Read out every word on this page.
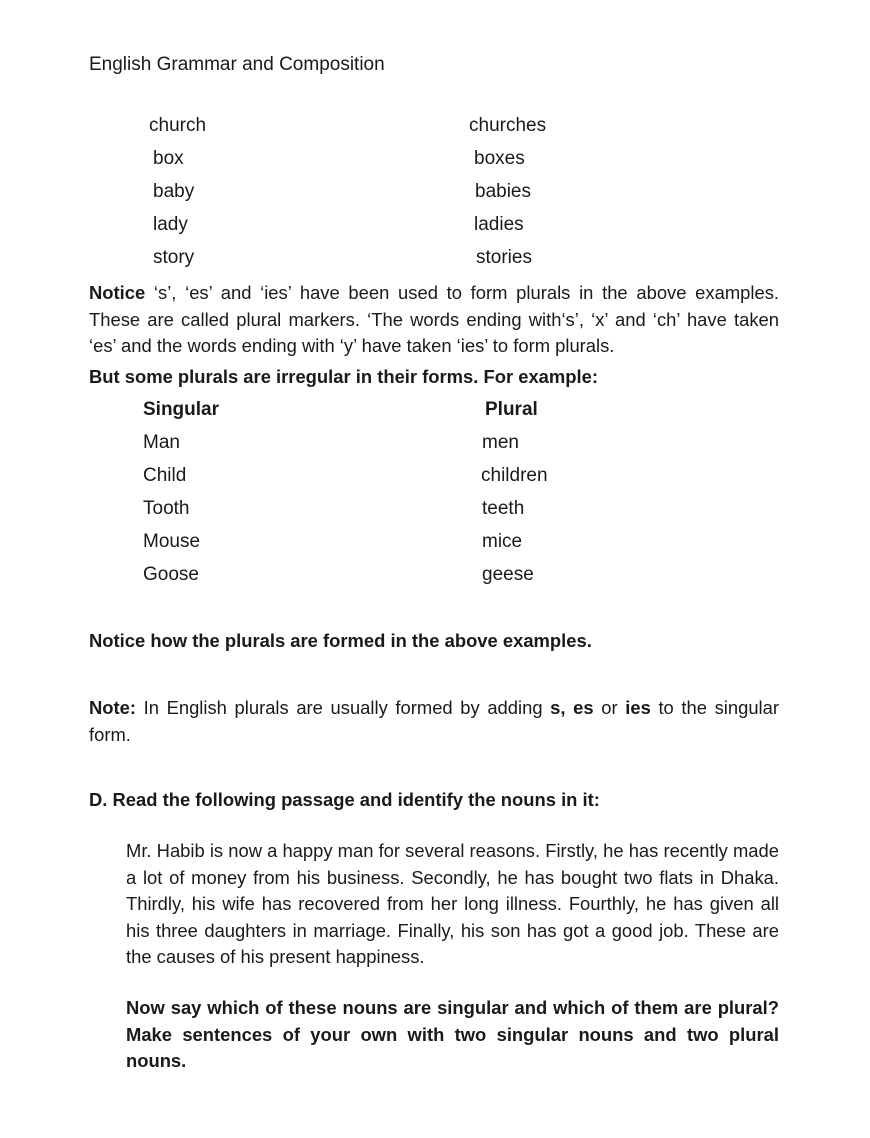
English Grammar and Composition
church	churches
box	boxes
baby	babies
lady	ladies
story	stories
Notice ‘s’, ‘es’ and ‘ies’ have been used to form plurals in the above examples. These are called plural markers. ‘The words ending with‘s’, ‘x’ and ‘ch’ have taken ‘es’ and the words ending with ‘y’ have taken ‘ies’ to form plurals.
But some plurals are irregular in their forms. For example:
Singular	Plural
Man	men
Child	children
Tooth	teeth
Mouse	mice
Goose	geese
Notice how the plurals are formed in the above examples.
Note: In English plurals are usually formed by adding s, es or ies to the singular form.
D. Read the following passage and identify the nouns in it:
Mr. Habib is now a happy man for several reasons. Firstly, he has recently made a lot of money from his business. Secondly, he has bought two flats in Dhaka. Thirdly, his wife has recovered from her long illness. Fourthly, he has given all his three daughters in marriage. Finally, his son has got a good job. These are the causes of his present happiness.
Now say which of these nouns are singular and which of them are plural? Make sentences of your own with two singular nouns and two plural nouns.
